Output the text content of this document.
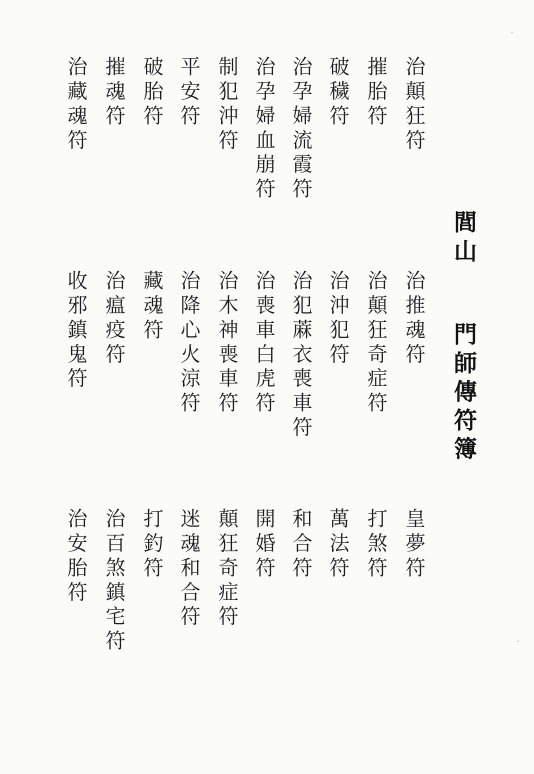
閭山
門師傳符簿
治顛狂符
摧胎符
破穢符
治孕婦流霞符
治孕婦血崩符
制犯沖符
平安符
破胎符
摧魂符
治藏魂符
治推魂符
治顛狂奇症符
治沖犯符
治犯蔴衣喪車符
治喪車白虎符
治木神喪車符
治降心火涼符
藏魂符
治瘟疫符
收邪鎮鬼符
皇夢符
打煞符
萬法符
和合符
開婚符
顛狂奇症符
迷魂和合符
打釣符
治百煞鎮宅符
治安胎符
